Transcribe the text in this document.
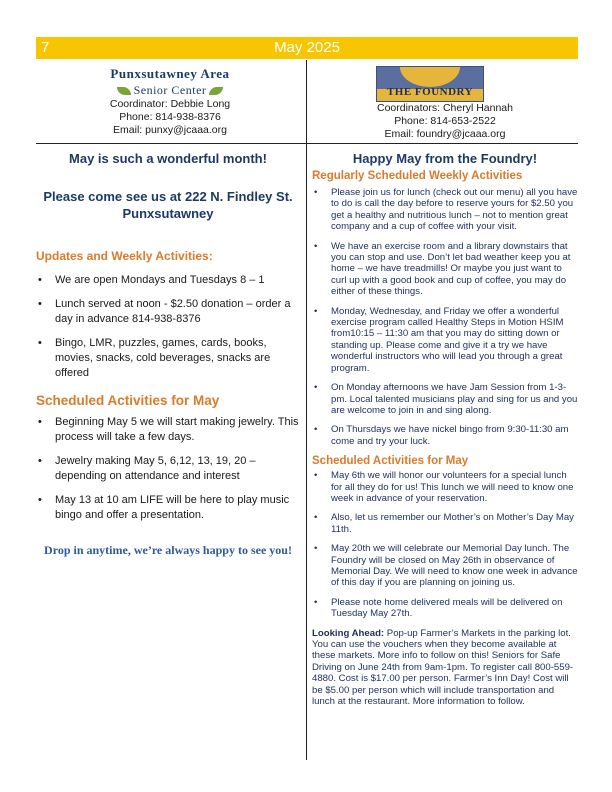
7	May 2025
Punxsutawney Area
Senior Center
Coordinator: Debbie Long
Phone: 814-938-8376
Email: punxy@jcaaa.org
THE FOUNDRY
Coordinators: Cheryl Hannah
Phone: 814-653-2522
Email: foundry@jcaaa.org
May is such a wonderful month!
Please come see us at 222 N. Findley St. Punxsutawney
Updates and Weekly Activities:
• We are open Mondays and Tuesdays 8 – 1
• Lunch served at noon - $2.50 donation – order a day in advance 814-938-8376
• Bingo, LMR, puzzles, games, cards, books, movies, snacks, cold beverages, snacks are offered
Scheduled Activities for May
• Beginning May 5 we will start making jewelry. This process will take a few days.
• Jewelry making May 5, 6,12, 13, 19, 20 – depending on attendance and interest
• May 13 at 10 am LIFE will be here to play music bingo and offer a presentation.
Drop in anytime, we’re always happy to see you!
Happy May from the Foundry!
Regularly Scheduled Weekly Activities
• Please join us for lunch (check out our menu) all you have to do is call the day before to reserve yours for $2.50 you get a healthy and nutritious lunch – not to mention great company and a cup of coffee with your visit.
• We have an exercise room and a library downstairs that you can stop and use. Don’t let bad weather keep you at home – we have treadmills! Or maybe you just want to curl up with a good book and cup of coffee, you may do either of these things.
• Monday, Wednesday, and Friday we offer a wonderful exercise program called Healthy Steps in Motion HSIM from10:15 – 11:30 am that you may do sitting down or standing up. Please come and give it a try we have wonderful instructors who will lead you through a great program.
• On Monday afternoons we have Jam Session from 1-3-pm. Local talented musicians play and sing for us and you are welcome to join in and sing along.
• On Thursdays we have nickel bingo from 9:30-11:30 am come and try your luck.
Scheduled Activities for May
• May 6th we will honor our volunteers for a special lunch for all they do for us! This lunch we will need to know one week in advance of your reservation.
• Also, let us remember our Mother’s on Mother’s Day May 11th.
• May 20th we will celebrate our Memorial Day lunch. The Foundry will be closed on May 26th in observance of Memorial Day. We will need to know one week in advance of this day if you are planning on joining us.
• Please note home delivered meals will be delivered on Tuesday May 27th.
Looking Ahead: Pop-up Farmer’s Markets in the parking lot. You can use the vouchers when they become available at these markets. More info to follow on this! Seniors for Safe Driving on June 24th from 9am-1pm. To register call 800-559-4880. Cost is $17.00 per person. Farmer’s Inn Day! Cost will be $5.00 per person which will include transportation and lunch at the restaurant. More information to follow.
